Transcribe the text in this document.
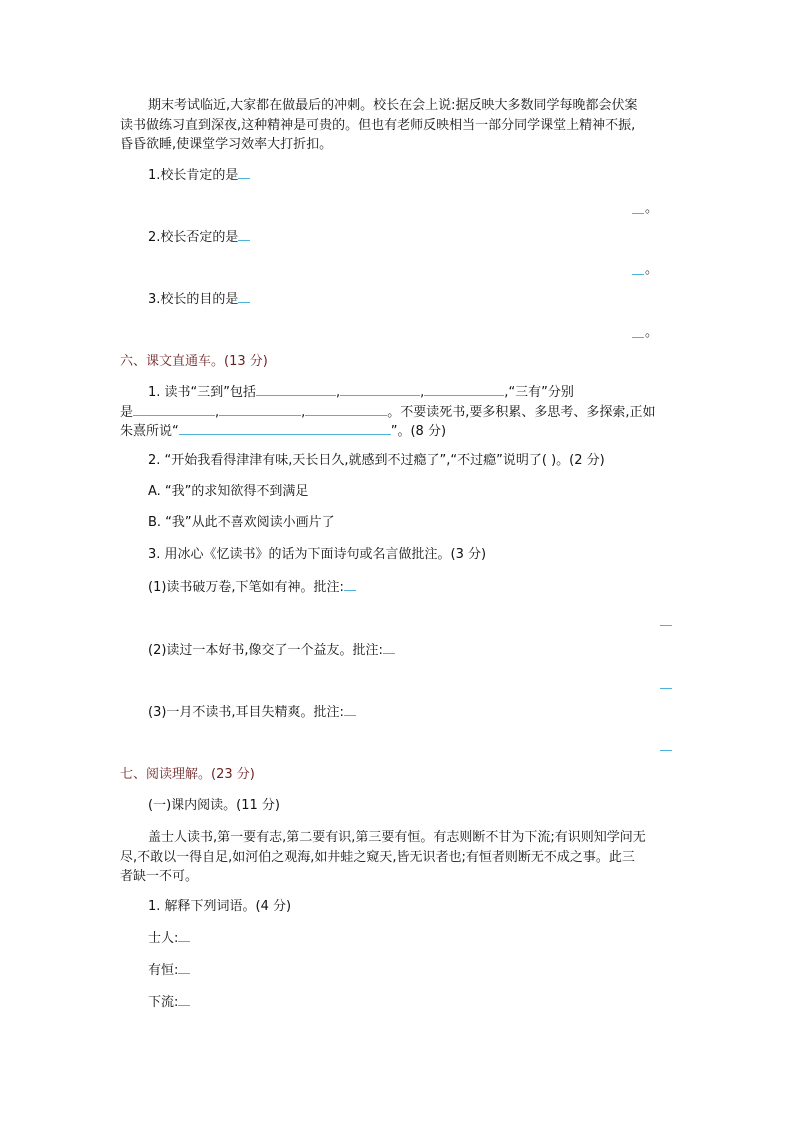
期末考试临近,大家都在做最后的冲刺。校长在会上说:据反映大多数同学每晚都会伏案
读书做练习直到深夜,这种精神是可贵的。但也有老师反映相当一部分同学课堂上精神不振,
昏昏欲睡,使课堂学习效率大打折扣。
1.校长肯定的是
。
2.校长否定的是
。
3.校长的目的是
。
六、课文直通车。(13 分)
1. 读书“三到”包括	,	,	,“三有”分别
是	,	,	。不要读死书,要多积累、多思考、多探索,正如
朱熹所说“	”。(8 分)
2. “开始我看得津津有味,天长日久,就感到不过瘾了”,“不过瘾”说明了( )。(2 分)
A. “我”的求知欲得不到满足
B. “我”从此不喜欢阅读小画片了
3. 用冰心《忆读书》的话为下面诗句或名言做批注。(3 分)
(1)读书破万卷,下笔如有神。批注:
(2)读过一本好书,像交了一个益友。批注:
(3)一月不读书,耳目失精爽。批注:
七、阅读理解。(23 分)
(一)课内阅读。(11 分)
盖士人读书,第一要有志,第二要有识,第三要有恒。有志则断不甘为下流;有识则知学问无
尽,不敢以一得自足,如河伯之观海,如井蛙之窥天,皆无识者也;有恒者则断无不成之事。此三
者缺一不可。
1. 解释下列词语。(4 分)
士人:
有恒:
下流:
